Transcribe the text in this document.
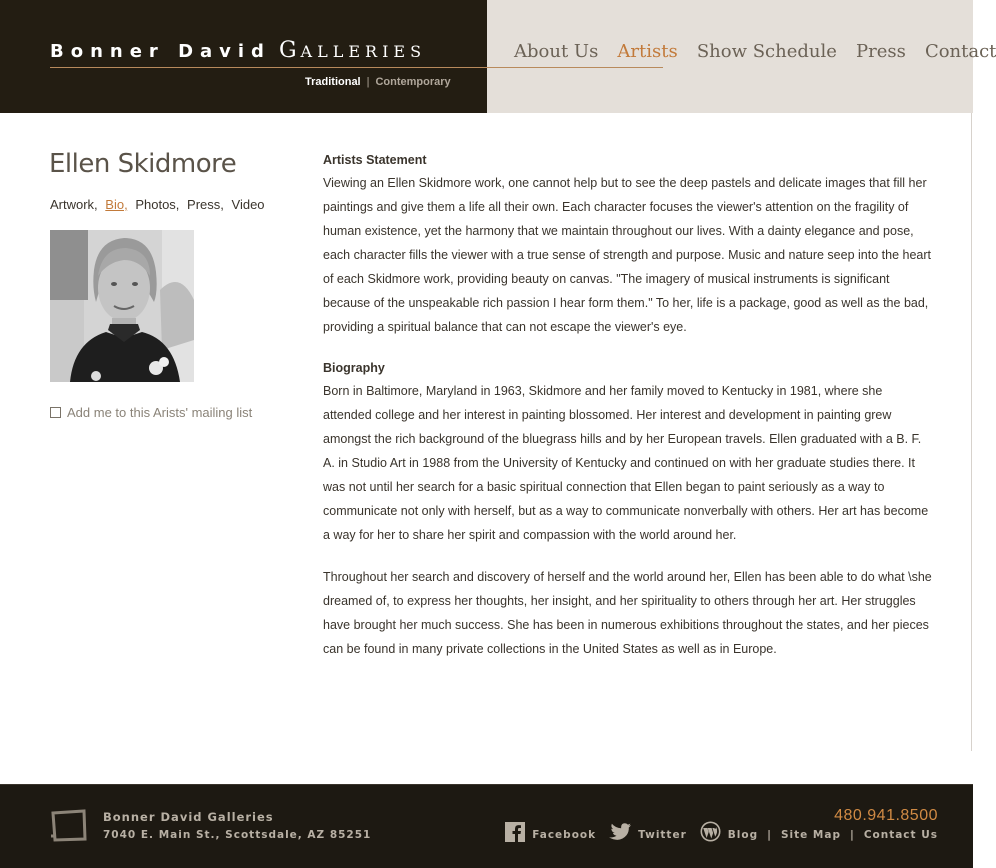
Bonner David GALLERIES
Traditional | Contemporary
About Us Artists Show Schedule Press Contact
Ellen Skidmore
Artwork, Bio, Photos, Press, Video
Add me to this Arists' mailing list
Artists Statement

Viewing an Ellen Skidmore work, one cannot help but to see the deep pastels and delicate images that fill her paintings and give them a life all their own. Each character focuses the viewer's attention on the fragility of human existence, yet the harmony that we maintain throughout our lives. With a dainty elegance and pose, each character fills the viewer with a true sense of strength and purpose. Music and nature seep into the heart of each Skidmore work, providing beauty on canvas. "The imagery of musical instruments is significant because of the unspeakable rich passion I hear form them." To her, life is a package, good as well as the bad, providing a spiritual balance that can not escape the viewer's eye.

Biography

Born in Baltimore, Maryland in 1963, Skidmore and her family moved to Kentucky in 1981, where she attended college and her interest in painting blossomed. Her interest and development in painting grew amongst the rich background of the bluegrass hills and by her European travels. Ellen graduated with a B. F. A. in Studio Art in 1988 from the University of Kentucky and continued on with her graduate studies there. It was not until her search for a basic spiritual connection that Ellen began to paint seriously as a way to communicate not only with herself, but as a way to communicate nonverbally with others. Her art has become a way for her to share her spirit and compassion with the world around her.

Throughout her search and discovery of herself and the world around her, Ellen has been able to do what \she dreamed of, to express her thoughts, her insight, and her spirituality to others through her art. Her struggles have brought her much success. She has been in numerous exhibitions throughout the states, and her pieces can be found in many private collections in the United States as well as in Europe.

Bonner David Galleries
7040 E. Main St., Scottsdale, AZ 85251
480.941.8500
Facebook	Twitter	Blog | Site Map | Contact Us
